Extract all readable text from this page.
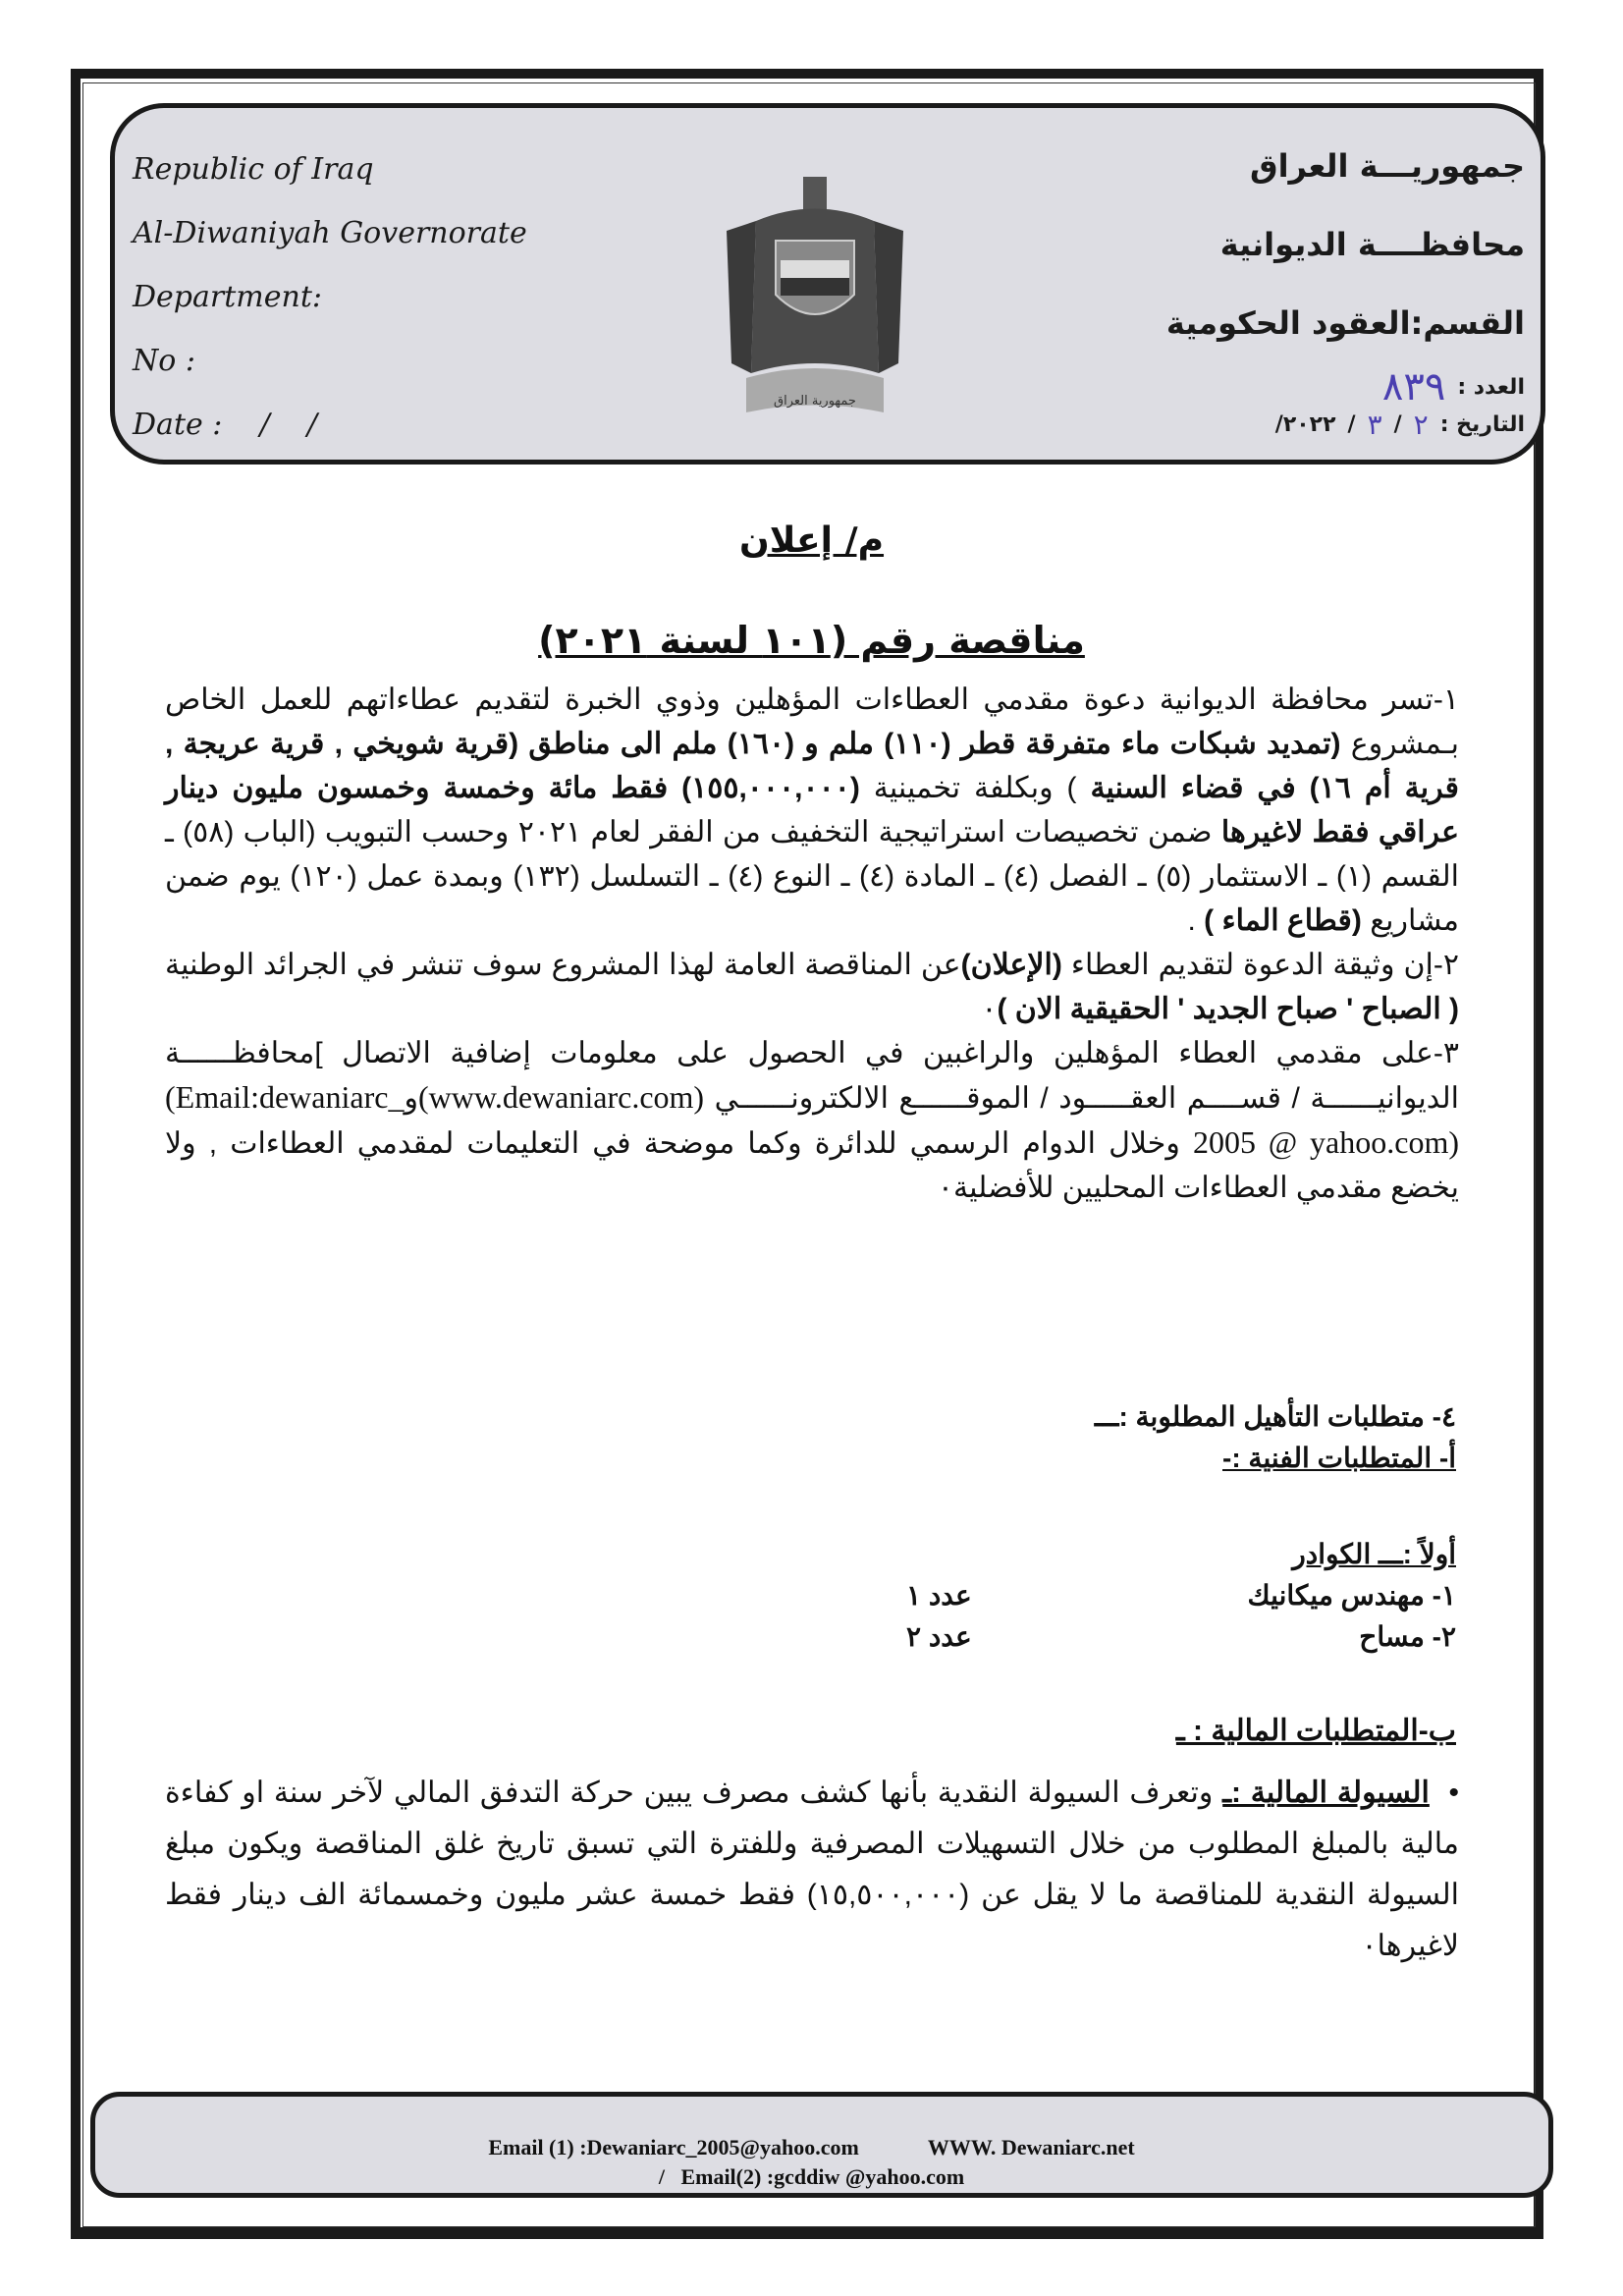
Republic of Iraq
Al-Diwaniyah Governorate
Department:
No :
Date : /    /
جمهورية العراق
جمهوريـــة العراق
محافظــــة الديوانية
القسم:العقود الحكومية
العدد :
٨٣٩
التاريخ :
٢
/
٣
/
٢٠٢٢/
م/ إعلان
مناقصة رقم (١٠١ لسنة ٢٠٢١)

١-تسر محافظة الديوانية دعوة مقدمي العطاءات المؤهلين وذوي الخبرة لتقديم عطاءاتهم للعمل الخاص بـمشروع (تمديد شبكات ماء متفرقة قطر (١١٠) ملم و (١٦٠) ملم الى مناطق (قرية شويخي , قرية عريجة , قرية أم ١٦) في قضاء السنية ) وبكلفة تخمينية (١٥٥,٠٠٠,٠٠٠) فقط مائة وخمسة وخمسون مليون دينار عراقي فقط لاغيرها ضمن تخصيصات استراتيجية التخفيف من الفقر لعام ٢٠٢١ وحسب التبويب (الباب (٥٨) ـ القسم (١) ـ الاستثمار (٥) ـ الفصل (٤) ـ المادة (٤) ـ النوع (٤) ـ التسلسل (١٣٢) وبمدة عمل (١٢٠) يوم ضمن مشاريع (قطاع الماء ) .

٢-إن وثيقة الدعوة لتقديم العطاء (الإعلان)عن المناقصة العامة لهذا المشروع سوف تنشر في الجرائد الوطنية ( الصباح ' صباح الجديد ' الحقيقية الان )٠

٣-على مقدمي العطاء المؤهلين والراغبين في الحصول على معلومات إضافية الاتصال ]محافظــــــة الديوانيــــــة / قســــم العقـــــود / الموقــــــع الالكترونــــــي (www.dewaniarc.com)و(Email:dewaniarc_ 2005 @ yahoo.com) وخلال الدوام الرسمي للدائرة وكما موضحة في التعليمات لمقدمي العطاءات , ولا يخضع مقدمي العطاءات المحليين للأفضلية٠

٤- متطلبات التأهيل المطلوبة :ـــ
أ- المتطلبات الفنية :-
أولاً :ـــ الكوادر
١- مهندس ميكانيك
عدد ١
٢- مساح
عدد ٢
ب-المتطلبات المالية : ـ
•  السيولة المالية :ـ وتعرف السيولة النقدية بأنها كشف مصرف يبين حركة التدفق المالي لآخر سنة او كفاءة مالية بالمبلغ المطلوب من خلال التسهيلات المصرفية وللفترة التي تسبق تاريخ غلق المناقصة ويكون مبلغ السيولة النقدية للمناقصة ما لا يقل عن (١٥,٥٠٠,٠٠٠) فقط خمسة عشر مليون وخمسمائة الف دينار فقط لاغيرها٠
Email (1) :Dewaniarc_2005@yahoo.com	WWW. Dewaniarc.net
/ Email(2) :gcddiw @yahoo.com
